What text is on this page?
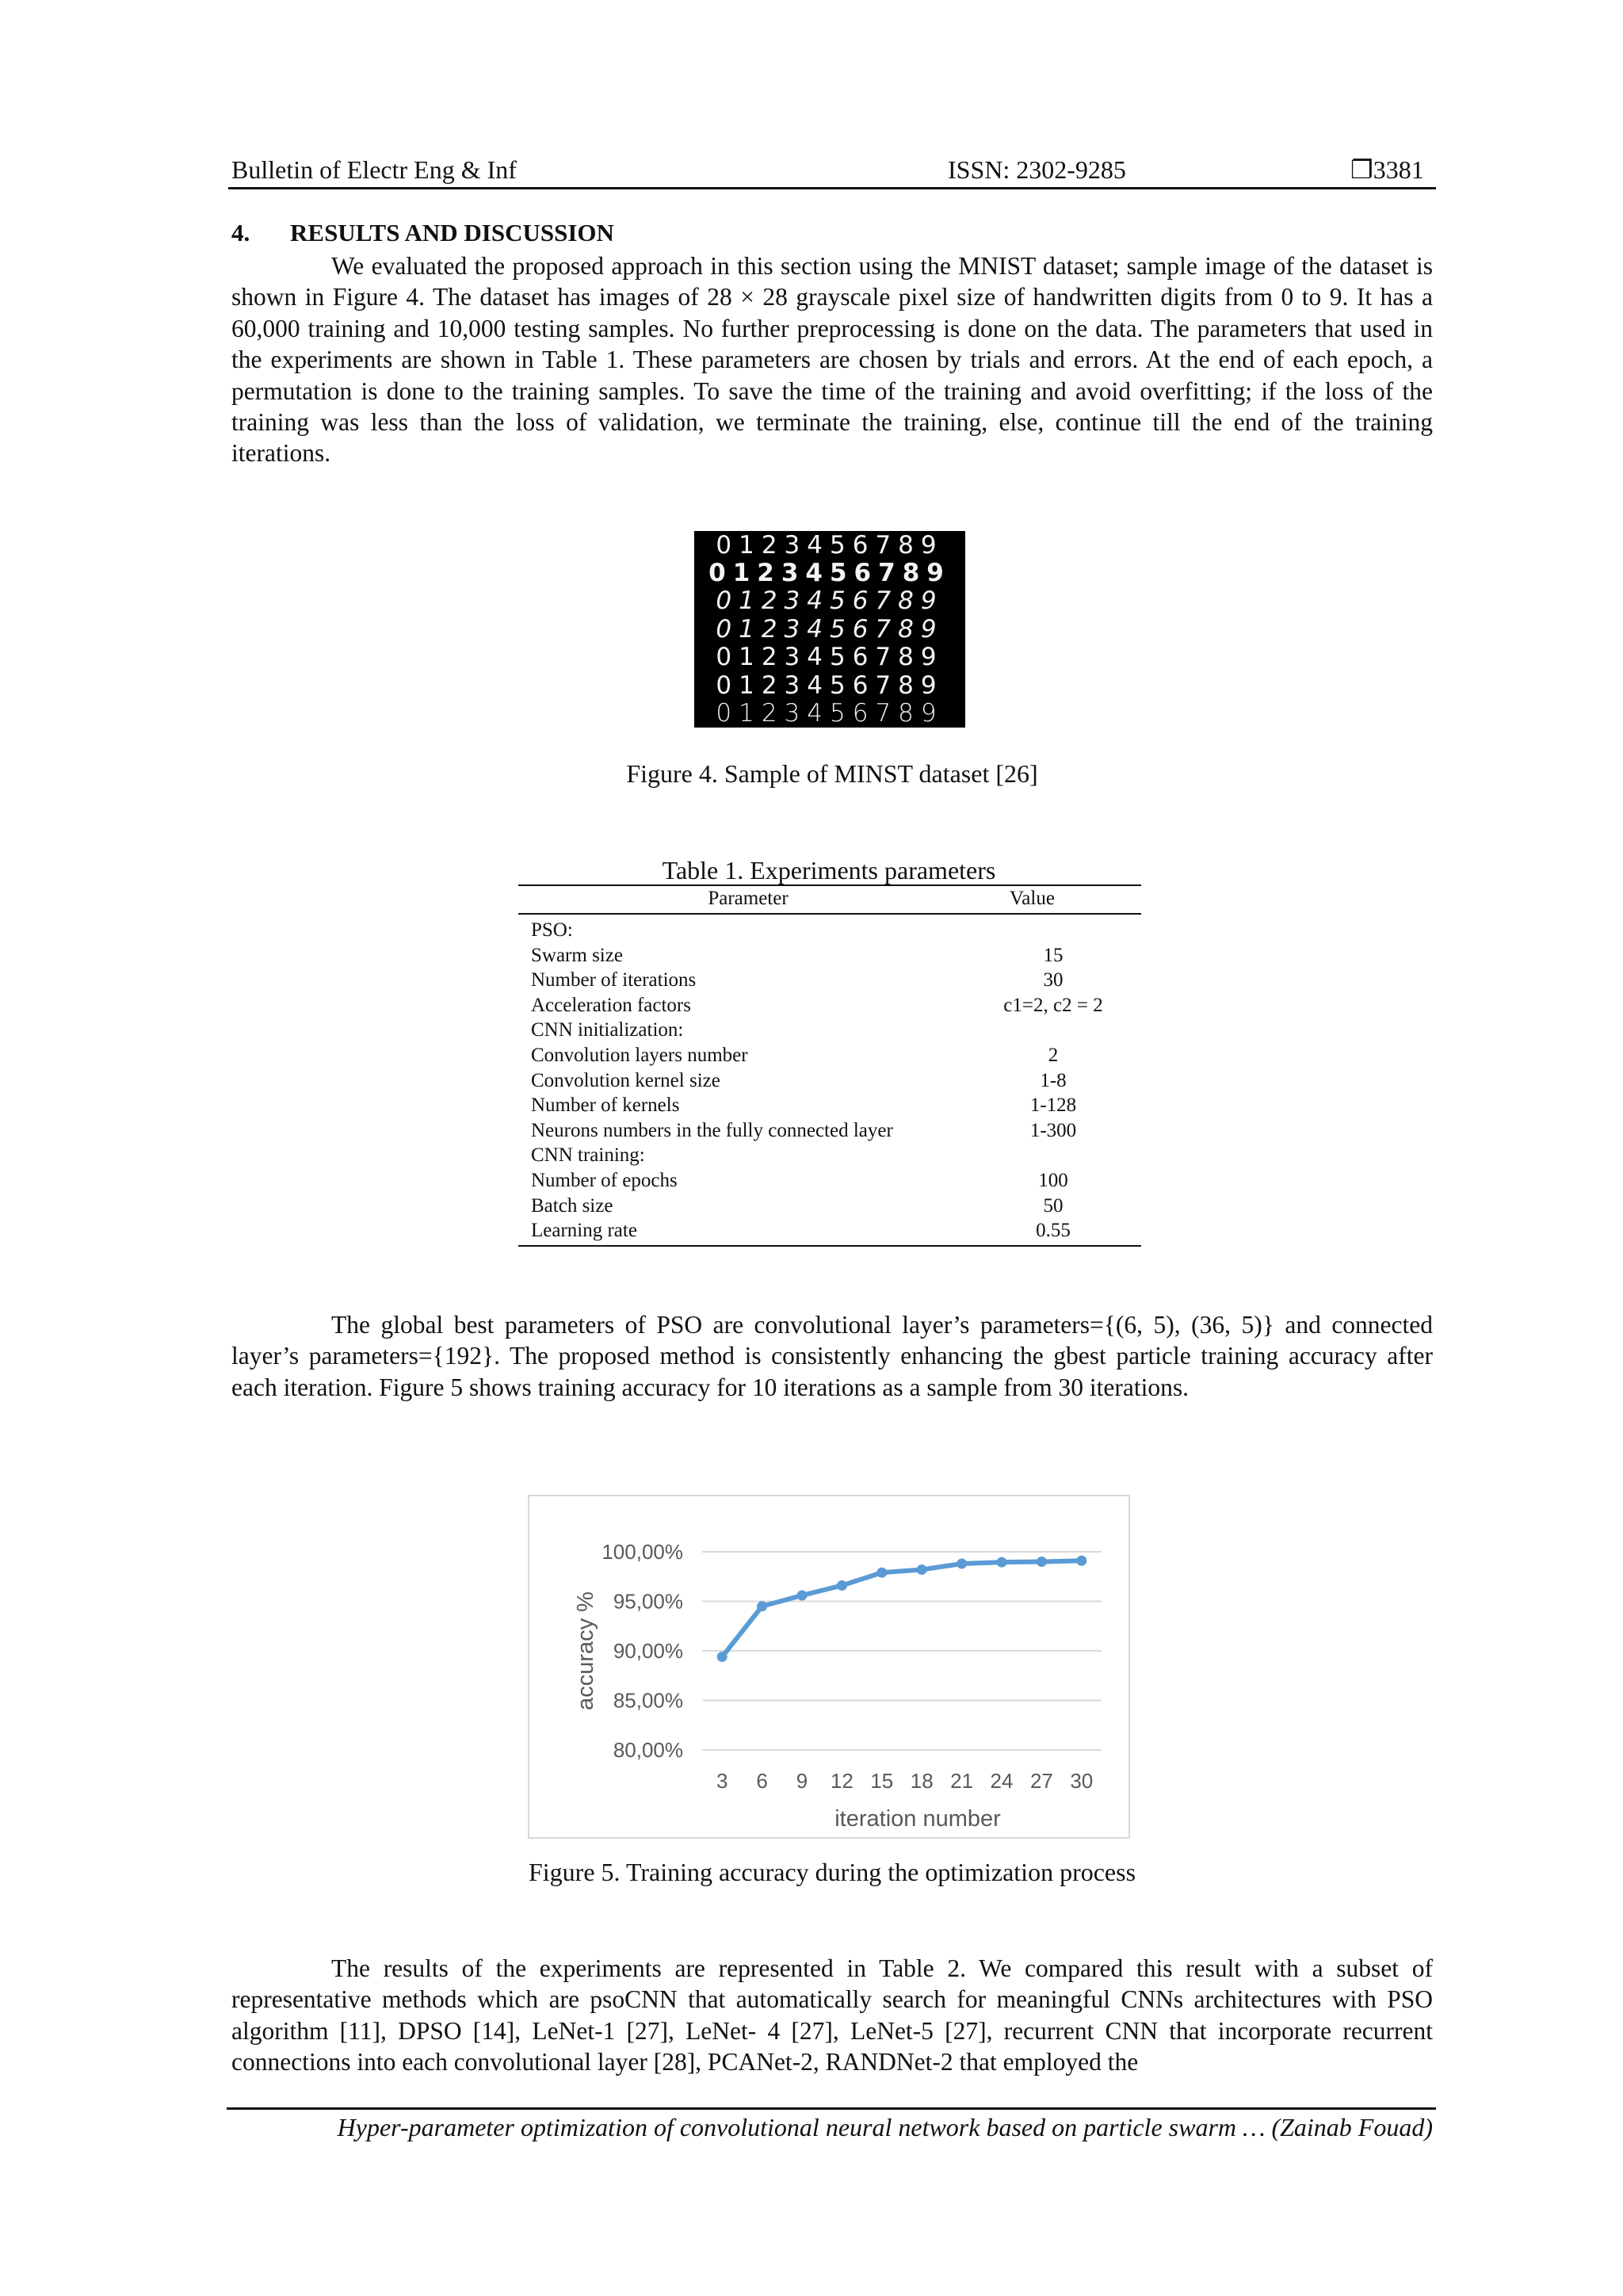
Bulletin of Electr Eng & Inf	ISSN: 2302-9285	❐3381
4. RESULTS AND DISCUSSION

We evaluated the proposed approach in this section using the MNIST dataset; sample image of the dataset is shown in Figure 4. The dataset has images of 28 × 28 grayscale pixel size of handwritten digits from 0 to 9. It has a 60,000 training and 10,000 testing samples. No further preprocessing is done on the data. The parameters that used in the experiments are shown in Table 1. These parameters are chosen by trials and errors. At the end of each epoch, a permutation is done to the training samples. To save the time of the training and avoid overfitting; if the loss of the training was less than the loss of validation, we terminate the training, else, continue till the end of the training iterations.

0123456789
0123456789
0123456789
0123456789
0123456789
0123456789
0123456789
Figure 4. Sample of MINST dataset [26]
Table 1. Experiments parameters
Parameter	Value
PSO:
Swarm size	15
Number of iterations	30
Acceleration factors	c1=2, c2 = 2
CNN initialization:
Convolution layers number	2
Convolution kernel size	1-8
Number of kernels	1-128
Neurons numbers in the fully connected layer	1-300
CNN training:
Number of epochs	100
Batch size	50
Learning rate	0.55

The global best parameters of PSO are convolutional layer’s parameters={(6, 5), (36, 5)} and connected layer’s parameters={192}. The proposed method is consistently enhancing the gbest particle training accuracy after each iteration. Figure 5 shows training accuracy for 10 iterations as a sample from 30 iterations.

80,00%
85,00%
90,00%
95,00%
100,00%
3 6 9 12 15 18 21 24 27 30
iteration number
accuracy %
Figure 5. Training accuracy during the optimization process

The results of the experiments are represented in Table 2. We compared this result with a subset of representative methods which are psoCNN that automatically search for meaningful CNNs architectures with PSO algorithm [11], DPSO [14], LeNet-1 [27], LeNet- 4 [27], LeNet-5 [27], recurrent CNN that incorporate recurrent connections into each convolutional layer [28], PCANet-2, RANDNet-2 that employed the

Hyper-parameter optimization of convolutional neural network based on particle swarm … (Zainab Fouad)
